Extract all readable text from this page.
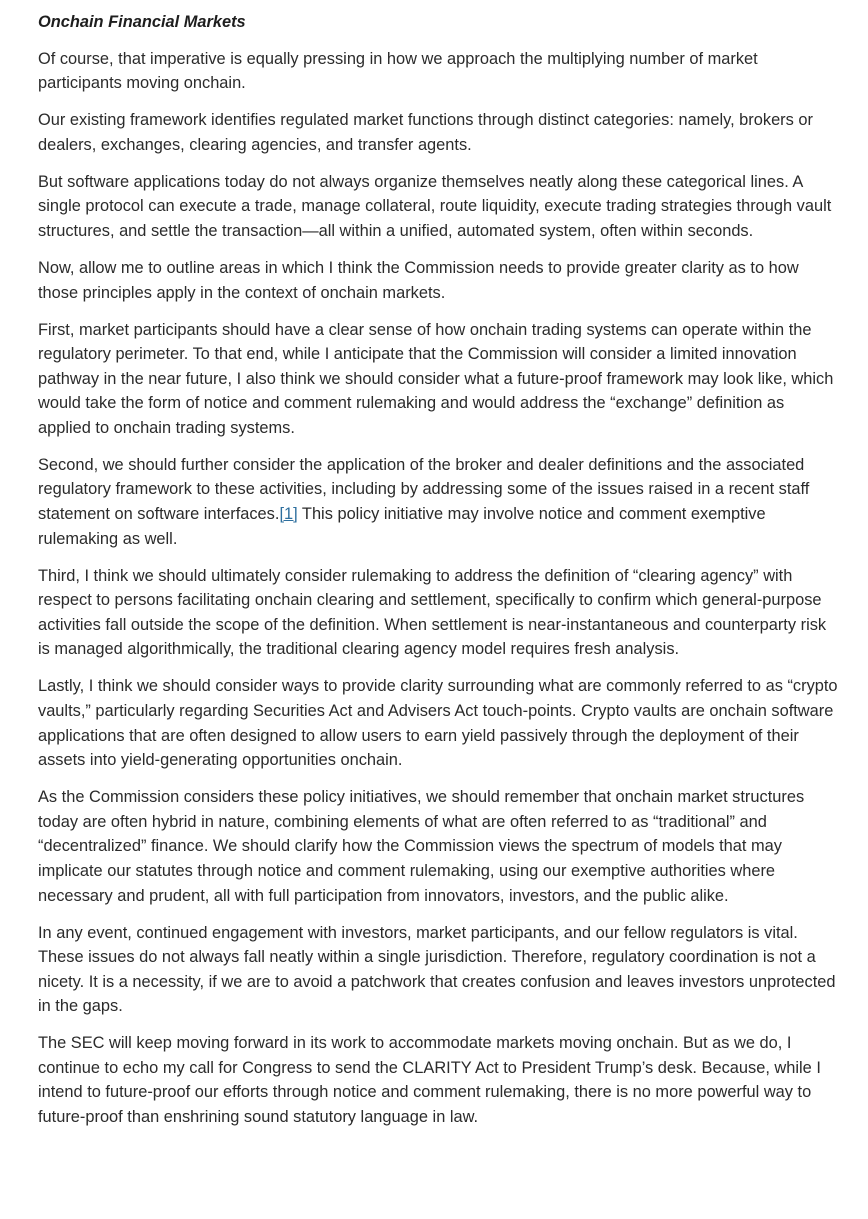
Onchain Financial Markets

Of course, that imperative is equally pressing in how we approach the multiplying number of market participants moving onchain.

Our existing framework identifies regulated market functions through distinct categories: namely, brokers or dealers, exchanges, clearing agencies, and transfer agents.

But software applications today do not always organize themselves neatly along these categorical lines. A single protocol can execute a trade, manage collateral, route liquidity, execute trading strategies through vault structures, and settle the transaction—all within a unified, automated system, often within seconds.

Now, allow me to outline areas in which I think the Commission needs to provide greater clarity as to how those principles apply in the context of onchain markets.

First, market participants should have a clear sense of how onchain trading systems can operate within the regulatory perimeter. To that end, while I anticipate that the Commission will consider a limited innovation pathway in the near future, I also think we should consider what a future-proof framework may look like, which would take the form of notice and comment rulemaking and would address the “exchange” definition as applied to onchain trading systems.

Second, we should further consider the application of the broker and dealer definitions and the associated regulatory framework to these activities, including by addressing some of the issues raised in a recent staff statement on software interfaces.[1] This policy initiative may involve notice and comment exemptive rulemaking as well.

Third, I think we should ultimately consider rulemaking to address the definition of “clearing agency” with respect to persons facilitating onchain clearing and settlement, specifically to confirm which general-purpose activities fall outside the scope of the definition. When settlement is near-instantaneous and counterparty risk is managed algorithmically, the traditional clearing agency model requires fresh analysis.

Lastly, I think we should consider ways to provide clarity surrounding what are commonly referred to as “crypto vaults,” particularly regarding Securities Act and Advisers Act touch-points. Crypto vaults are onchain software applications that are often designed to allow users to earn yield passively through the deployment of their assets into yield-generating opportunities onchain.

As the Commission considers these policy initiatives, we should remember that onchain market structures today are often hybrid in nature, combining elements of what are often referred to as “traditional” and “decentralized” finance. We should clarify how the Commission views the spectrum of models that may implicate our statutes through notice and comment rulemaking, using our exemptive authorities where necessary and prudent, all with full participation from innovators, investors, and the public alike.

In any event, continued engagement with investors, market participants, and our fellow regulators is vital. These issues do not always fall neatly within a single jurisdiction. Therefore, regulatory coordination is not a nicety. It is a necessity, if we are to avoid a patchwork that creates confusion and leaves investors unprotected in the gaps.

The SEC will keep moving forward in its work to accommodate markets moving onchain. But as we do, I continue to echo my call for Congress to send the CLARITY Act to President Trump’s desk. Because, while I intend to future-proof our efforts through notice and comment rulemaking, there is no more powerful way to future-proof than enshrining sound statutory language in law.
